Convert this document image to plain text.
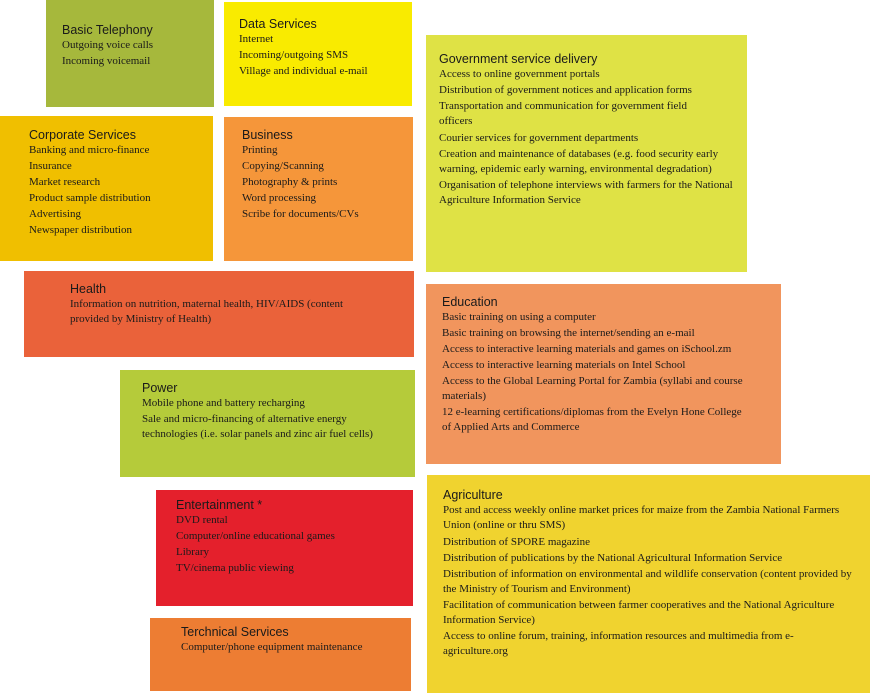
Basic Telephony
Outgoing voice calls
Incoming voicemail
Data Services
Internet
Incoming/outgoing SMS
Village and individual e-mail
Government service delivery
Access to online government portals
Distribution of government notices and application forms
Transportation and communication for government field officers
Courier services for government departments
Creation and maintenance of databases (e.g. food security early warning, epidemic early warning, environmental degradation)
Organisation of telephone interviews with farmers for the National Agriculture Information Service
Corporate Services
Banking and micro-finance
Insurance
Market research
Product sample distribution
Advertising
Newspaper distribution
Business
Printing
Copying/Scanning
Photography & prints
Word processing
Scribe for documents/CVs
Health
Information on nutrition, maternal health, HIV/AIDS (content provided by Ministry of Health)
Education
Basic training on using a computer
Basic training on browsing the internet/sending an e-mail
Access to interactive learning materials and games on iSchool.zm
Access to interactive learning materials on Intel School
Access to the Global Learning Portal for Zambia (syllabi and course materials)
12 e-learning certifications/diplomas from the Evelyn Hone College of Applied Arts and Commerce
Power
Mobile phone and battery recharging
Sale and micro-financing of alternative energy technologies (i.e. solar panels and zinc air fuel cells)
Agriculture
Post and access weekly online market prices for maize from the Zambia National Farmers Union (online or thru SMS)
Distribution of SPORE magazine
Distribution of publications by the National Agricultural Information Service
Distribution of information on environmental and wildlife conservation (content provided by the Ministry of Tourism and Environment)
Facilitation of communication between farmer cooperatives and the National Agriculture Information Service)
Access to online forum, training, information resources and multimedia from e-agriculture.org
Entertainment *
DVD rental
Computer/online educational games
Library
TV/cinema public viewing
Terchnical Services
Computer/phone equipment maintenance
